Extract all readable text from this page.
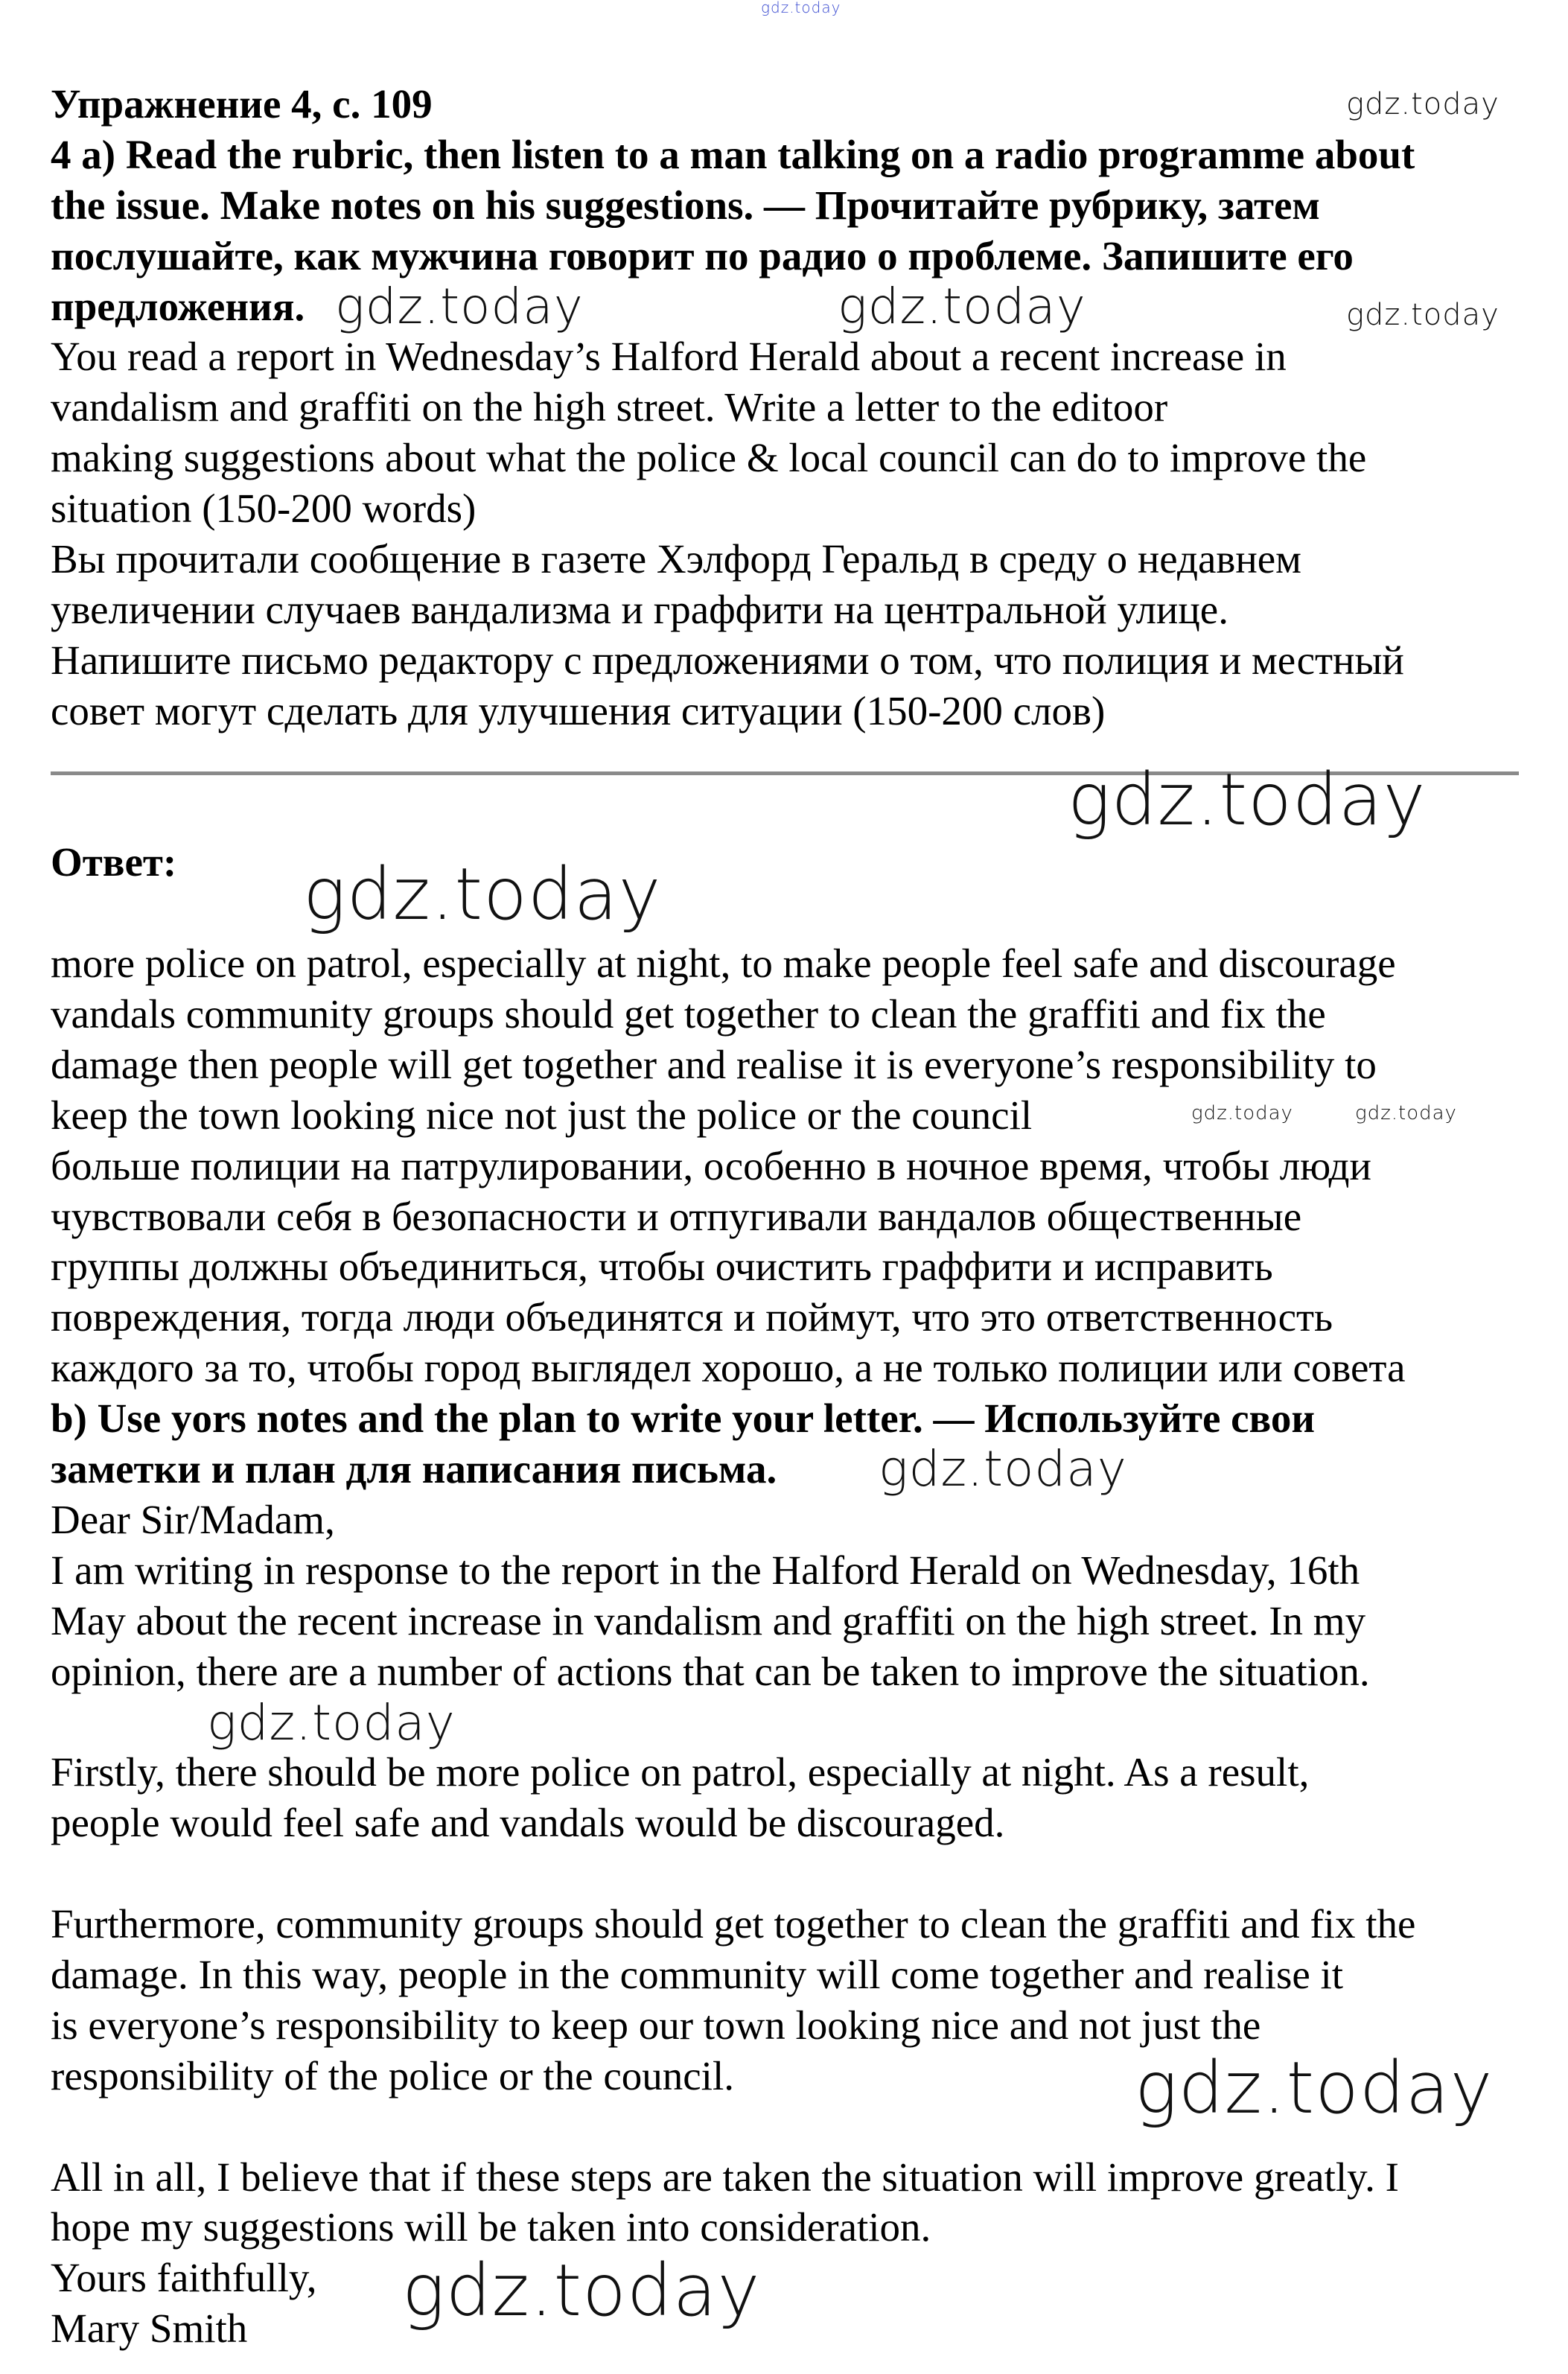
Упражнение 4, с. 109
4 a) Read the rubric, then listen to a man talking on a radio programme about
the issue. Make notes on his suggestions. — Прочитайте рубрику, затем
послушайте, как мужчина говорит по радио о проблеме. Запишите его
предложения.
You read a report in Wednesday’s Halford Herald about a recent increase in
vandalism and graffiti on the high street. Write a letter to the editoor
making suggestions about what the police & local council can do to improve the
situation (150-200 words)
Вы прочитали сообщение в газете Хэлфорд Геральд в среду о недавнем
увеличении случаев вандализма и граффити на центральной улице.
Напишите письмо редактору с предложениями о том, что полиция и местный
совет могут сделать для улучшения ситуации (150-200 слов)
Ответ:
more police on patrol, especially at night, to make people feel safe and discourage
vandals community groups should get together to clean the graffiti and fix the
damage then people will get together and realise it is everyone’s responsibility to
keep the town looking nice not just the police or the council
больше полиции на патрулировании, особенно в ночное время, чтобы люди
чувствовали себя в безопасности и отпугивали вандалов общественные
группы должны объединиться, чтобы очистить граффити и исправить
повреждения, тогда люди объединятся и поймут, что это ответственность
каждого за то, чтобы город выглядел хорошо, а не только полиции или совета
b) Use yors notes and the plan to write your letter. — Используйте свои
заметки и план для написания письма.
Dear Sir/Madam,
I am writing in response to the report in the Halford Herald on Wednesday, 16th
May about the recent increase in vandalism and graffiti on the high street. In my
opinion, there are a number of actions that can be taken to improve the situation.
Firstly, there should be more police on patrol, especially at night. As a result,
people would feel safe and vandals would be discouraged.
Furthermore, community groups should get together to clean the graffiti and fix the
damage. In this way, people in the community will come together and realise it
is everyone’s responsibility to keep our town looking nice and not just the
responsibility of the police or the council.
All in all, I believe that if these steps are taken the situation will improve greatly. I
hope my suggestions will be taken into consideration.
Yours faithfully,
Mary Smith
gdz.today
gdz.today
gdz.today	gdz.today	gdz.today
gdz.today
gdz.today
gdz.today	gdz.today
gdz.today
gdz.today
gdz.today
gdz.today
